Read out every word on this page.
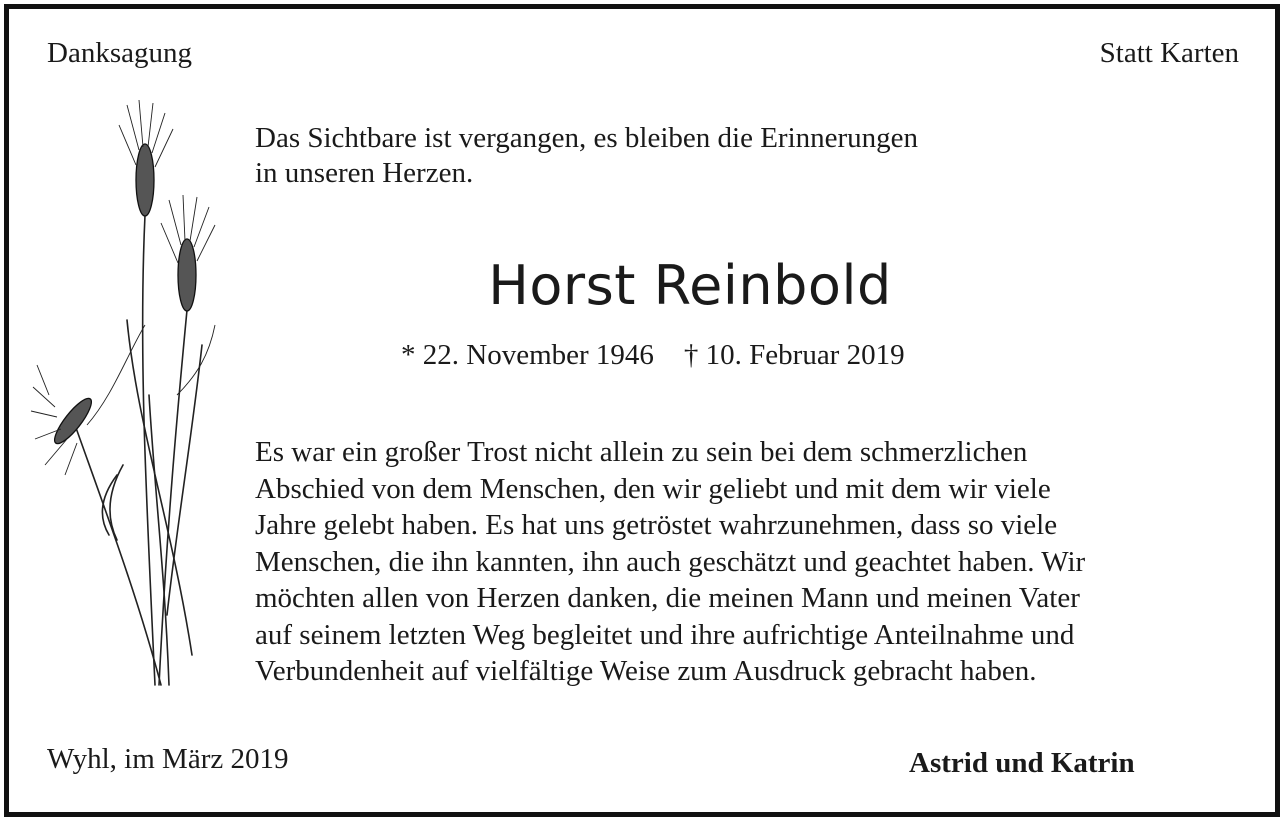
Danksagung	Statt Karten
Das Sichtbare ist vergangen, es bleiben die Erinnerungen
in unseren Herzen.
Horst Reinbold
* 22. November 1946 † 10. Februar 2019
Es war ein großer Trost nicht allein zu sein bei dem schmerzlichen
Abschied von dem Menschen, den wir geliebt und mit dem wir viele
Jahre gelebt haben. Es hat uns getröstet wahrzunehmen, dass so viele
Menschen, die ihn kannten, ihn auch geschätzt und geachtet haben. Wir
möchten allen von Herzen danken, die meinen Mann und meinen Vater
auf seinem letzten Weg begleitet und ihre aufrichtige Anteilnahme und
Verbundenheit auf vielfältige Weise zum Ausdruck gebracht haben.
Wyhl, im März 2019	Astrid und Katrin
